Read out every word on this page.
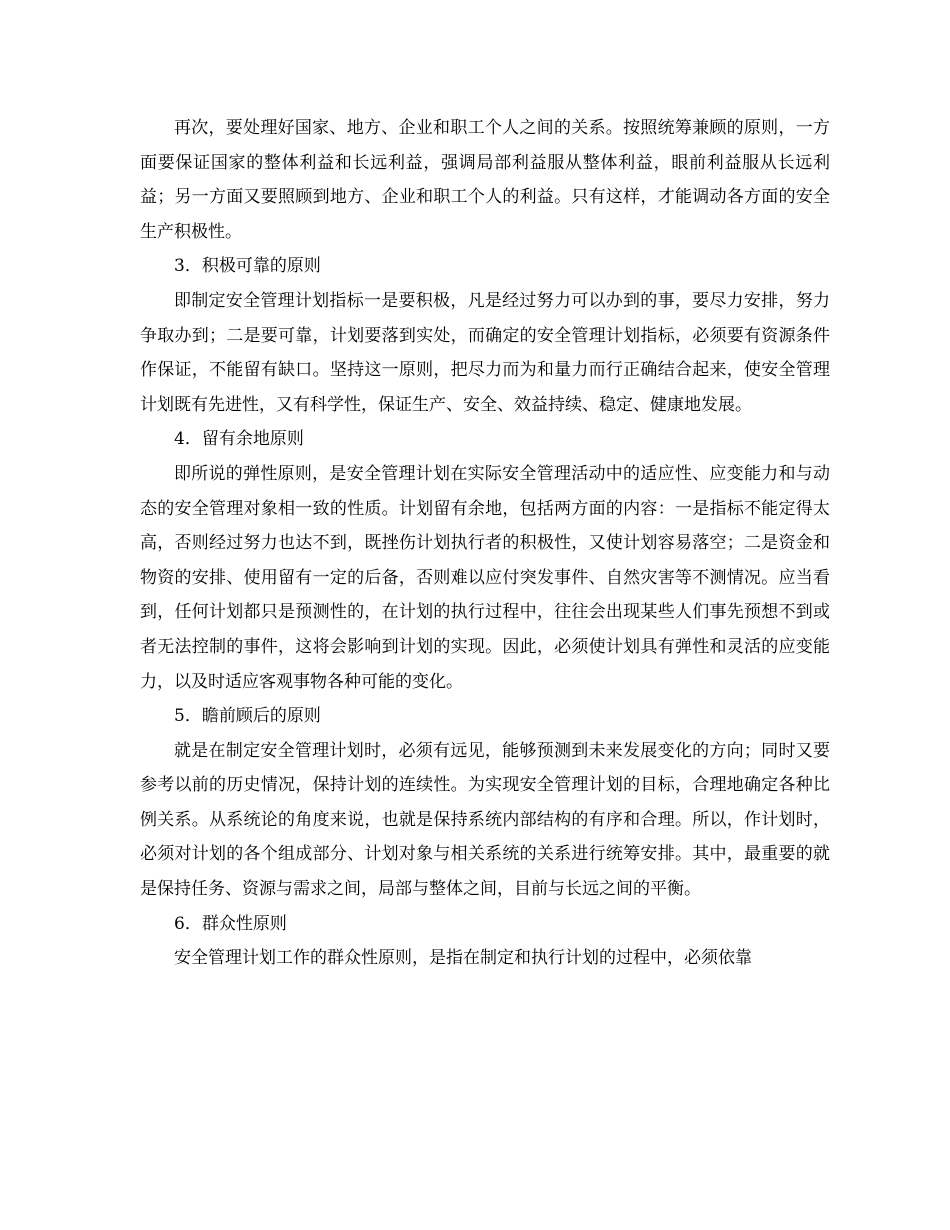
再次，要处理好国家、地方、企业和职工个人之间的关系。按照统筹兼顾的原则，一方面要保证国家的整体利益和长远利益，强调局部利益服从整体利益，眼前利益服从长远利益；另一方面又要照顾到地方、企业和职工个人的利益。只有这样，才能调动各方面的安全生产积极性。

3．积极可靠的原则

即制定安全管理计划指标一是要积极，凡是经过努力可以办到的事，要尽力安排，努力争取办到；二是要可靠，计划要落到实处，而确定的安全管理计划指标，必须要有资源条件作保证，不能留有缺口。坚持这一原则，把尽力而为和量力而行正确结合起来，使安全管理计划既有先进性，又有科学性，保证生产、安全、效益持续、稳定、健康地发展。

4．留有余地原则

即所说的弹性原则，是安全管理计划在实际安全管理活动中的适应性、应变能力和与动态的安全管理对象相一致的性质。计划留有余地，包括两方面的内容：一是指标不能定得太高，否则经过努力也达不到，既挫伤计划执行者的积极性，又使计划容易落空；二是资金和物资的安排、使用留有一定的后备，否则难以应付突发事件、自然灾害等不测情况。应当看到，任何计划都只是预测性的，在计划的执行过程中，往往会出现某些人们事先预想不到或者无法控制的事件，这将会影响到计划的实现。因此，必须使计划具有弹性和灵活的应变能力，以及时适应客观事物各种可能的变化。

5．瞻前顾后的原则

就是在制定安全管理计划时，必须有远见，能够预测到未来发展变化的方向；同时又要参考以前的历史情况，保持计划的连续性。为实现安全管理计划的目标，合理地确定各种比例关系。从系统论的角度来说，也就是保持系统内部结构的有序和合理。所以，作计划时，必须对计划的各个组成部分、计划对象与相关系统的关系进行统筹安排。其中，最重要的就是保持任务、资源与需求之间，局部与整体之间，目前与长远之间的平衡。

6．群众性原则

安全管理计划工作的群众性原则，是指在制定和执行计划的过程中，必须依靠
